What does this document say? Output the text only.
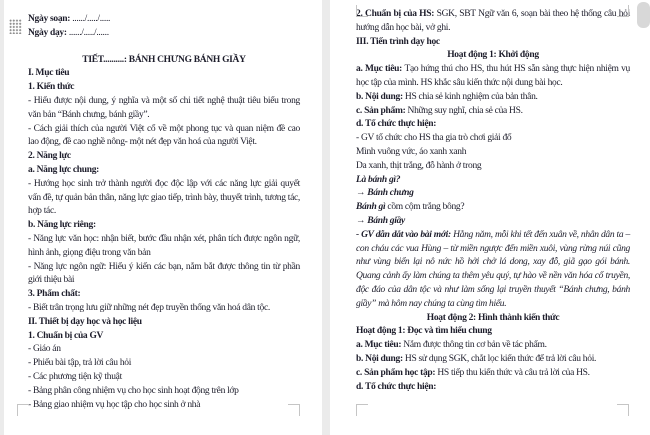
Ngày soạn: ....../...../.....

Ngày dạy: ....../...../......

TIẾT..........: BÁNH CHƯNG BÁNH GIẦY

I. Mục tiêu

1. Kiến thức

- Hiểu được nội dung, ý nghĩa và một số chi tiết nghệ thuật tiêu biểu trong văn bản “Bánh chưng, bánh giầy”.

- Cách giải thích của người Việt cổ về một phong tục và quan niệm đề cao lao động, đề cao nghề nông- một nét đẹp văn hoá của người Việt.

2. Năng lực

a. Năng lực chung:

- Hướng học sinh trở thành người đọc độc lập với các năng lực giải quyết vấn đề, tự quản bản thân, năng lực giao tiếp, trình bày, thuyết trình, tương tác, hợp tác.

b. Năng lực riêng:

- Năng lực văn học: nhận biết, bước đầu nhận xét, phân tích được ngôn ngữ, hình ảnh, giọng điệu trong văn bản

- Năng lực ngôn ngữ: Hiểu ý kiến các bạn, nắm bắt được thông tin từ phần giới thiệu bài

3. Phẩm chất:

- Biết trân trọng lưu giữ những nét đẹp truyền thống văn hoá dân tộc.

II. Thiết bị dạy học và học liệu

1. Chuẩn bị của GV

- Giáo án

- Phiếu bài tập, trả lời câu hỏi

- Các phương tiện kỹ thuật

- Bảng phân công nhiệm vụ cho học sinh hoạt động trên lớp

- Bảng giao nhiệm vụ học tập cho học sinh ở nhà

2. Chuẩn bị của HS: SGK, SBT Ngữ văn 6, soạn bài theo hệ thống câu hỏi hướng dẫn học bài, vở ghi.

III. Tiến trình dạy học

Hoạt động 1: Khởi động

a. Mục tiêu: Tạo hứng thú cho HS, thu hút HS sẵn sàng thực hiện nhiệm vụ học tập của mình. HS khắc sâu kiến thức nội dung bài học.

b. Nội dung: HS chia sẻ kinh nghiệm của bản thân.

c. Sản phẩm: Những suy nghĩ, chia sẻ của HS.

d. Tổ chức thực hiện:

- GV tổ chức cho HS tha gia trò chơi giải đố

Mình vuông vức, áo xanh xanh

Da xanh, thịt trắng, đỗ hành ở trong

Là bánh gì?

→ Bánh chưng

Bánh gì cồm cộm trắng bông?

→ Bánh giầy

- GV dẫn dắt vào bài mới: Hằng năm, mỗi khi tết đến xuân về, nhân dân ta – con cháu các vua Hùng – từ miền ngược đến miền xuôi, vùng rừng núi cũng như vùng biển lại nô nức hồ hởi chở lá dong, xay đỗ, giã gạo gói bánh. Quang cảnh ấy làm chúng ta thêm yêu quý, tự hào về nền văn hóa cổ truyền, độc đáo của dân tộc và như làm sống lại truyền thuyết “Bánh chưng, bánh giầy” mà hôm nay chúng ta cùng tìm hiểu.

Hoạt động 2: Hình thành kiến thức

Hoạt động 1: Đọc và tìm hiểu chung

a. Mục tiêu: Nắm được thông tin cơ bản về tác phẩm.

b. Nội dung: HS sử dụng SGK, chắt lọc kiến thức để trả lời câu hỏi.

c. Sản phẩm học tập: HS tiếp thu kiến thức và câu trả lời của HS.

d. Tổ chức thực hiện:
